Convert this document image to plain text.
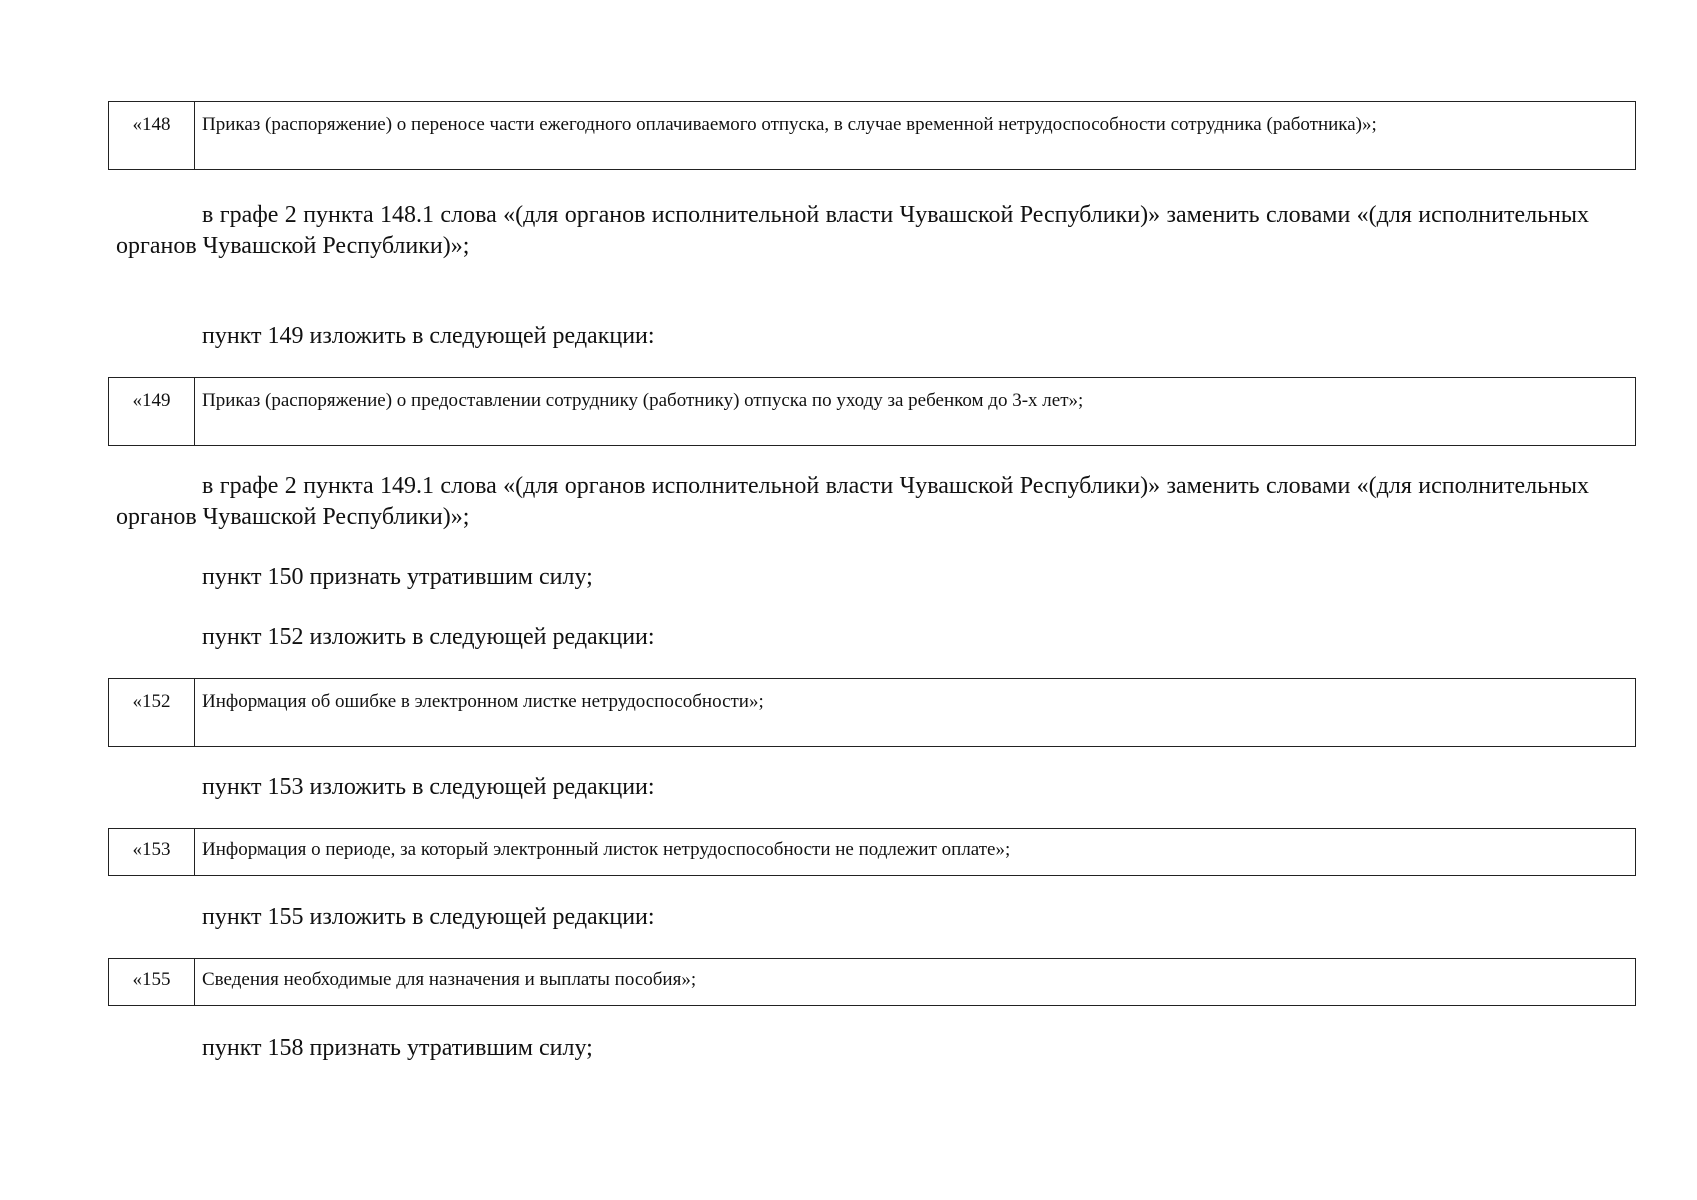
«148	Приказ (распоряжение) о переносе части ежегодного оплачиваемого отпуска, в случае временной нетрудоспособности сотрудника (работника)»;
в графе 2 пункта 148.1 слова «(для органов исполнительной власти Чувашской Республики)» заменить словами «(для исполнительных органов Чувашской Республики)»;
пункт 149 изложить в следующей редакции:
«149	Приказ (распоряжение) о предоставлении сотруднику (работнику) отпуска по уходу за ребенком до 3-х лет»;
в графе 2 пункта 149.1 слова «(для органов исполнительной власти Чувашской Республики)» заменить словами «(для исполнительных органов Чувашской Республики)»;
пункт 150 признать утратившим силу;
пункт 152 изложить в следующей редакции:
«152	Информация об ошибке в электронном листке нетрудоспособности»;
пункт 153 изложить в следующей редакции:
«153	Информация о периоде, за который электронный листок нетрудоспособности не подлежит оплате»;
пункт 155 изложить в следующей редакции:
«155	Сведения необходимые для назначения и выплаты пособия»;
пункт 158 признать утратившим силу;
